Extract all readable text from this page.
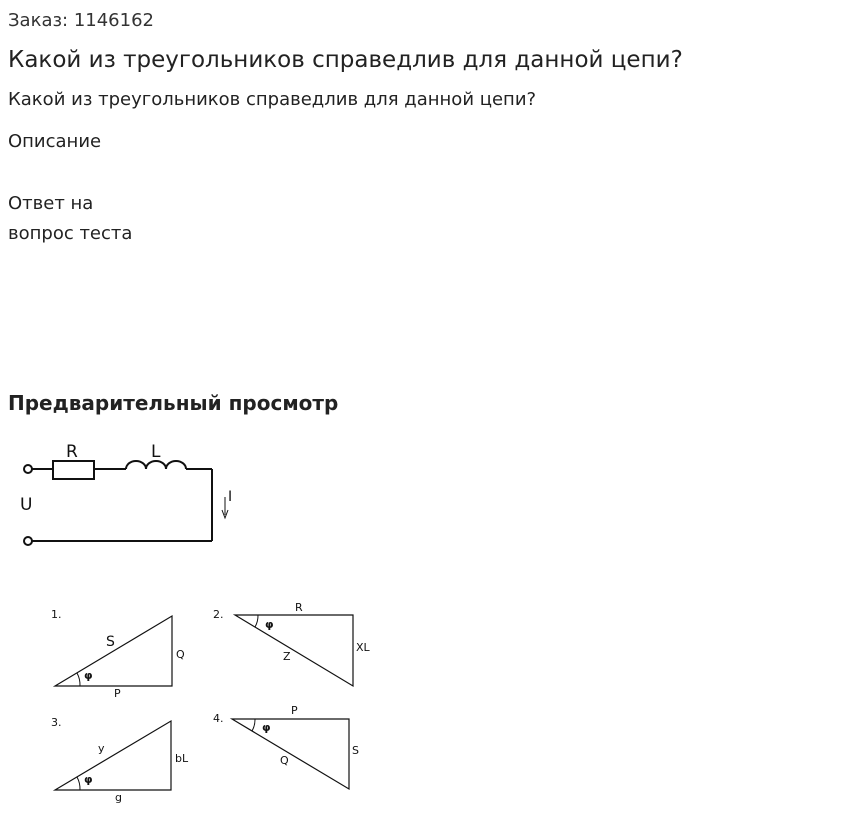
Заказ: 1146162

Какой из треугольников справедлив для данной цепи?

Какой из треугольников справедлив для данной цепи?

Описание

Ответ на

вопрос теста

Предварительный просмотр
R	L
U	I
1.
S
Q
P
φ
2.
R
XL
Z
φ
3.
y
bL
g
φ
4.
P
S
Q
φ
